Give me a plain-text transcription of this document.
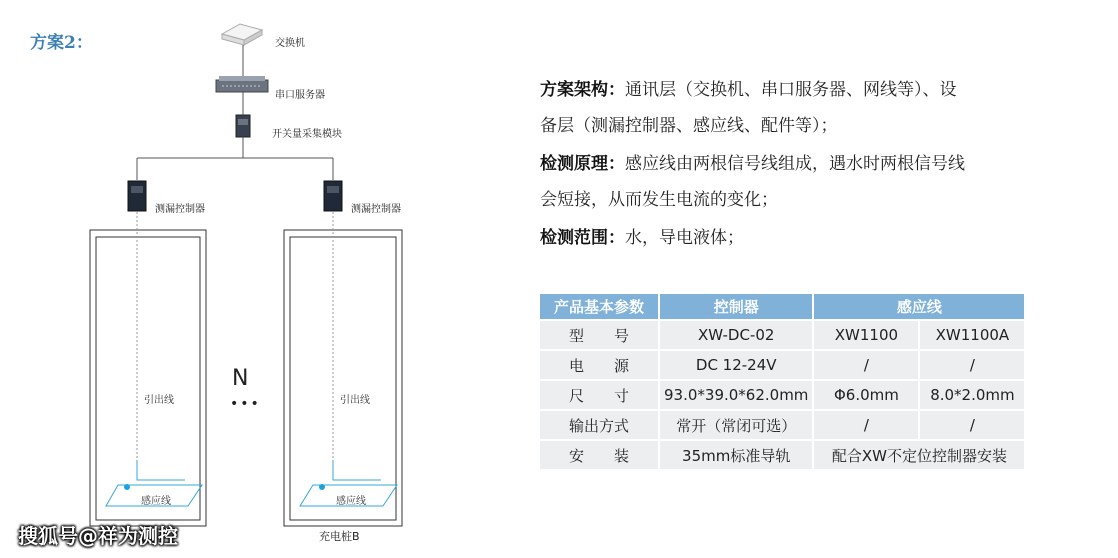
方案2：	交换机
串口服务器
开关量采集模块
测漏控制器	测漏控制器
引出线	引出线
感应线	感应线
充电桩B
N
•••
方案架构：通讯层（交换机、串口服务器、网线等）、设
备层（测漏控制器、感应线、配件等）；
检测原理：感应线由两根信号线组成，遇水时两根信号线
会短接，从而发生电流的变化；
检测范围：水，导电液体；
产品基本参数	控制器	感应线	
型　　号	XW-DC-02	XW1100	XW1100A
电　　源	DC 12-24V	/	/
尺　　寸	93.0*39.0*62.0mm	Φ6.0mm	8.0*2.0mm
输出方式	常开（常闭可选）	/	/
安　　装	35mm标准导轨	配合XW不定位控制器安装	
搜狐号@祥为测控
